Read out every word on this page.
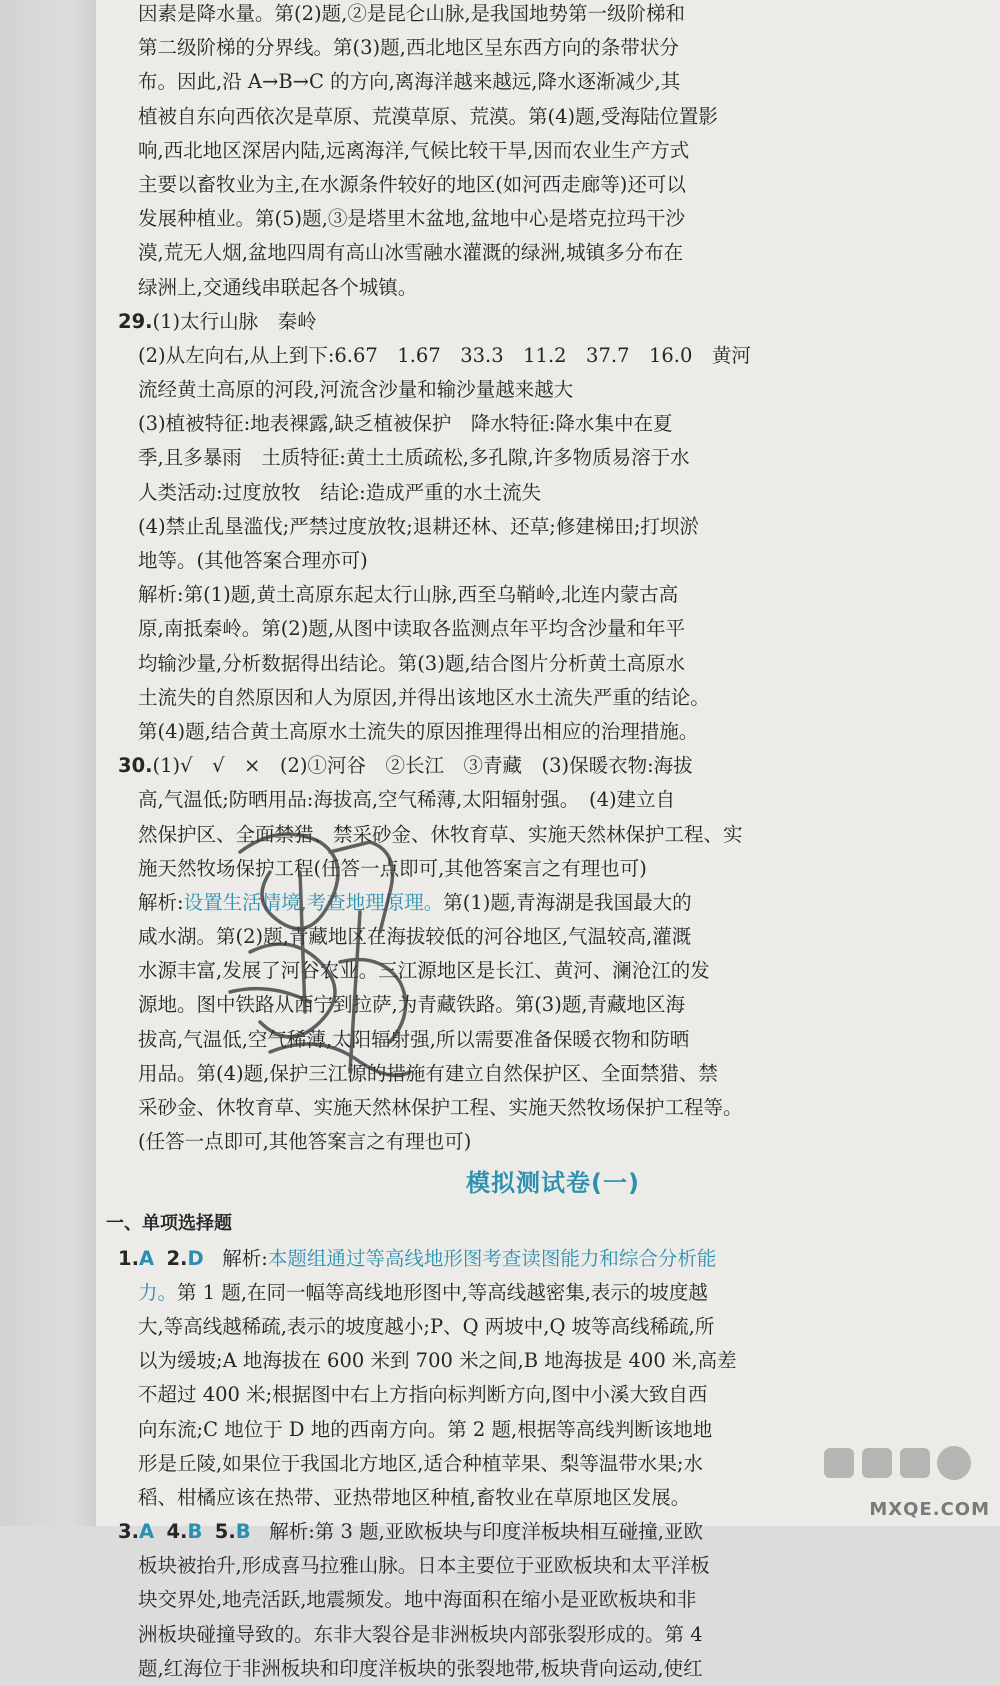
因素是降水量。第(2)题,②是昆仑山脉,是我国地势第一级阶梯和
第二级阶梯的分界线。第(3)题,西北地区呈东西方向的条带状分
布。因此,沿 A→B→C 的方向,离海洋越来越远,降水逐渐减少,其
植被自东向西依次是草原、荒漠草原、荒漠。第(4)题,受海陆位置影
响,西北地区深居内陆,远离海洋,气候比较干旱,因而农业生产方式
主要以畜牧业为主,在水源条件较好的地区(如河西走廊等)还可以
发展种植业。第(5)题,③是塔里木盆地,盆地中心是塔克拉玛干沙
漠,荒无人烟,盆地四周有高山冰雪融水灌溉的绿洲,城镇多分布在
绿洲上,交通线串联起各个城镇。
29.(1)太行山脉　秦岭
(2)从左向右,从上到下:6.67　1.67　33.3　11.2　37.7　16.0　黄河
流经黄土高原的河段,河流含沙量和输沙量越来越大
(3)植被特征:地表裸露,缺乏植被保护　降水特征:降水集中在夏
季,且多暴雨　土质特征:黄土土质疏松,多孔隙,许多物质易溶于水
人类活动:过度放牧　结论:造成严重的水土流失
(4)禁止乱垦滥伐;严禁过度放牧;退耕还林、还草;修建梯田;打坝淤
地等。(其他答案合理亦可)
解析:第(1)题,黄土高原东起太行山脉,西至乌鞘岭,北连内蒙古高
原,南抵秦岭。第(2)题,从图中读取各监测点年平均含沙量和年平
均输沙量,分析数据得出结论。第(3)题,结合图片分析黄土高原水
土流失的自然原因和人为原因,并得出该地区水土流失严重的结论。
第(4)题,结合黄土高原水土流失的原因推理得出相应的治理措施。
30.(1)√　√　×　(2)①河谷　②长江　③青藏　(3)保暖衣物:海拔
高,气温低;防晒用品:海拔高,空气稀薄,太阳辐射强。　(4)建立自
然保护区、全面禁猎、禁采砂金、休牧育草、实施天然林保护工程、实
施天然牧场保护工程(任答一点即可,其他答案言之有理也可)
解析:设置生活情境,考查地理原理。第(1)题,青海湖是我国最大的
咸水湖。第(2)题,青藏地区在海拔较低的河谷地区,气温较高,灌溉
水源丰富,发展了河谷农业。三江源地区是长江、黄河、澜沧江的发
源地。图中铁路从西宁到拉萨,为青藏铁路。第(3)题,青藏地区海
拔高,气温低,空气稀薄,太阳辐射强,所以需要准备保暖衣物和防晒
用品。第(4)题,保护三江源的措施有建立自然保护区、全面禁猎、禁
采砂金、休牧育草、实施天然林保护工程、实施天然牧场保护工程等。
(任答一点即可,其他答案言之有理也可)
模拟测试卷(一)
一、单项选择题
1.A 2.D 解析:本题组通过等高线地形图考查读图能力和综合分析能
力。第 1 题,在同一幅等高线地形图中,等高线越密集,表示的坡度越
大,等高线越稀疏,表示的坡度越小;P、Q 两坡中,Q 坡等高线稀疏,所
以为缓坡;A 地海拔在 600 米到 700 米之间,B 地海拔是 400 米,高差
不超过 400 米;根据图中右上方指向标判断方向,图中小溪大致自西
向东流;C 地位于 D 地的西南方向。第 2 题,根据等高线判断该地地
形是丘陵,如果位于我国北方地区,适合种植苹果、梨等温带水果;水
稻、柑橘应该在热带、亚热带地区种植,畜牧业在草原地区发展。
3.A 4.B 5.B 解析:第 3 题,亚欧板块与印度洋板块相互碰撞,亚欧
板块被抬升,形成喜马拉雅山脉。日本主要位于亚欧板块和太平洋板
块交界处,地壳活跃,地震频发。地中海面积在缩小是亚欧板块和非
洲板块碰撞导致的。东非大裂谷是非洲板块内部张裂形成的。第 4
题,红海位于非洲板块和印度洋板块的张裂地带,板块背向运动,使红
MXQE.COM
